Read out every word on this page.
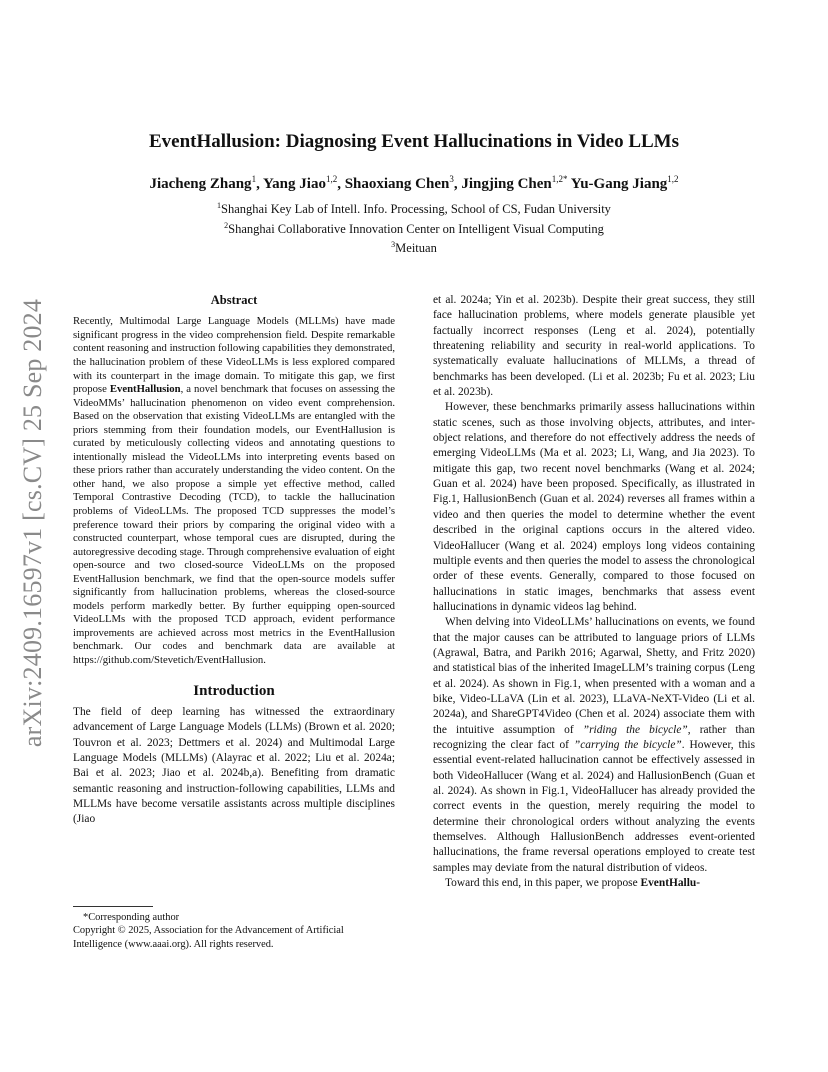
arXiv:2409.16597v1 [cs.CV] 25 Sep 2024
EventHallusion: Diagnosing Event Hallucinations in Video LLMs
Jiacheng Zhang$^1$, Yang Jiao$^{1,2}$, Shaoxiang Chen$^3$, Jingjing Chen$^{1,2*}$ Yu-Gang Jiang$^{1,2}$
$^1$Shanghai Key Lab of Intell. Info. Processing, School of CS, Fudan University
$^2$Shanghai Collaborative Innovation Center on Intelligent Visual Computing
$^3$Meituan
Abstract

Recently, Multimodal Large Language Models (MLLMs) have made significant progress in the video comprehension field. Despite remarkable content reasoning and instruction following capabilities they demonstrated, the hallucination problem of these VideoLLMs is less explored compared with its counterpart in the image domain. To mitigate this gap, we first propose EventHallusion, a novel benchmark that focuses on assessing the VideoMMs’ hallucination phenomenon on video event comprehension. Based on the observation that existing VideoLLMs are entangled with the priors stemming from their foundation models, our EventHallusion is curated by meticulously collecting videos and annotating questions to intentionally mislead the VideoLLMs into interpreting events based on these priors rather than accurately understanding the video content. On the other hand, we also propose a simple yet effective method, called Temporal Contrastive Decoding (TCD), to tackle the hallucination problems of VideoLLMs. The proposed TCD suppresses the model’s preference toward their priors by comparing the original video with a constructed counterpart, whose temporal cues are disrupted, during the autoregressive decoding stage. Through comprehensive evaluation of eight open-source and two closed-source VideoLLMs on the proposed EventHallusion benchmark, we find that the open-source models suffer significantly from hallucination problems, whereas the closed-source models perform markedly better. By further equipping open-sourced VideoLLMs with the proposed TCD approach, evident performance improvements are achieved across most metrics in the EventHallusion benchmark. Our codes and benchmark data are available at https://github.com/Stevetich/EventHallusion.

Introduction

The field of deep learning has witnessed the extraordinary advancement of Large Language Models (LLMs) (Brown et al. 2020; Touvron et al. 2023; Dettmers et al. 2024) and Multimodal Large Language Models (MLLMs) (Alayrac et al. 2022; Liu et al. 2024a; Bai et al. 2023; Jiao et al. 2024b,a). Benefiting from dramatic semantic reasoning and instruction-following capabilities, LLMs and MLLMs have become versatile assistants across multiple disciplines (Jiao

*Corresponding author
Copyright © 2025, Association for the Advancement of Artificial Intelligence (www.aaai.org). All rights reserved.

et al. 2024a; Yin et al. 2023b). Despite their great success, they still face hallucination problems, where models generate plausible yet factually incorrect responses (Leng et al. 2024), potentially threatening reliability and security in real-world applications. To systematically evaluate hallucinations of MLLMs, a thread of benchmarks has been developed. (Li et al. 2023b; Fu et al. 2023; Liu et al. 2023b).

However, these benchmarks primarily assess hallucinations within static scenes, such as those involving objects, attributes, and inter-object relations, and therefore do not effectively address the needs of emerging VideoLLMs (Ma et al. 2023; Li, Wang, and Jia 2023). To mitigate this gap, two recent novel benchmarks (Wang et al. 2024; Guan et al. 2024) have been proposed. Specifically, as illustrated in Fig.1, HallusionBench (Guan et al. 2024) reverses all frames within a video and then queries the model to determine whether the event described in the original captions occurs in the altered video. VideoHallucer (Wang et al. 2024) employs long videos containing multiple events and then queries the model to assess the chronological order of these events. Generally, compared to those focused on hallucinations in static images, benchmarks that assess event hallucinations in dynamic videos lag behind.

When delving into VideoLLMs’ hallucinations on events, we found that the major causes can be attributed to language priors of LLMs (Agrawal, Batra, and Parikh 2016; Agarwal, Shetty, and Fritz 2020) and statistical bias of the inherited ImageLLM’s training corpus (Leng et al. 2024). As shown in Fig.1, when presented with a woman and a bike, Video-LLaVA (Lin et al. 2023), LLaVA-NeXT-Video (Li et al. 2024a), and ShareGPT4Video (Chen et al. 2024) associate them with the intuitive assumption of ”riding the bicycle”, rather than recognizing the clear fact of ”carrying the bicycle”. However, this essential event-related hallucination cannot be effectively assessed in both VideoHallucer (Wang et al. 2024) and HallusionBench (Guan et al. 2024). As shown in Fig.1, VideoHallucer has already provided the correct events in the question, merely requiring the model to determine their chronological orders without analyzing the events themselves. Although HallusionBench addresses event-oriented hallucinations, the frame reversal operations employed to create test samples may deviate from the natural distribution of videos.

Toward this end, in this paper, we propose EventHallu-
